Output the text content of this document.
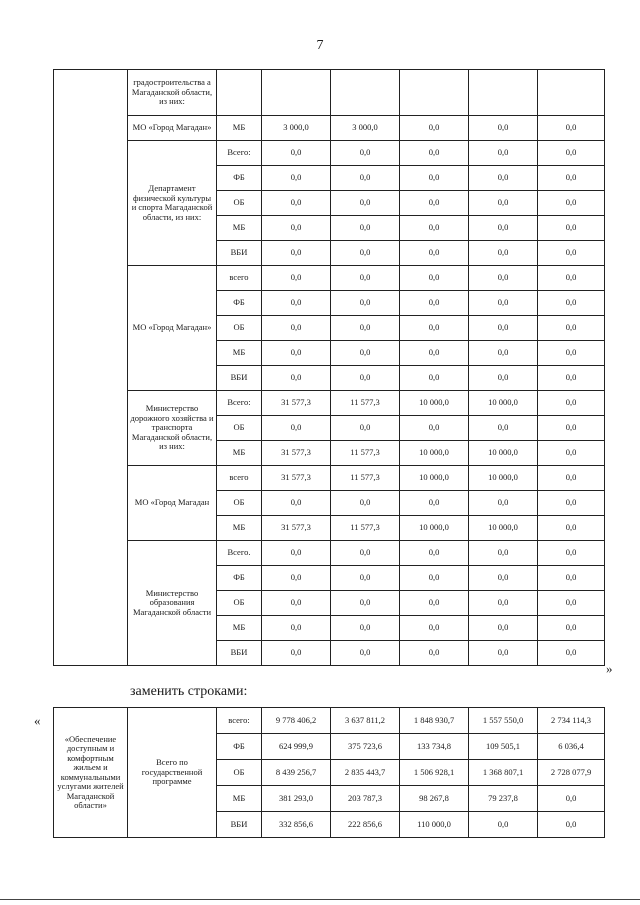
7
	градостроительства а Магаданской области, из них:						
	МО «Город Магадан»	МБ	3 000,0	3 000,0	0,0	0,0	0,0
	Департамент физической культуры и спорта Магаданской области, из них:	Всего:	0,0	0,0	0,0	0,0	0,0
		ФБ	0,0	0,0	0,0	0,0	0,0
		ОБ	0,0	0,0	0,0	0,0	0,0
		МБ	0,0	0,0	0,0	0,0	0,0
		ВБИ	0,0	0,0	0,0	0,0	0,0
	МО «Город Магадан»	всего	0,0	0,0	0,0	0,0	0,0
		ФБ	0,0	0,0	0,0	0,0	0,0
		ОБ	0,0	0,0	0,0	0,0	0,0
		МБ	0,0	0,0	0,0	0,0	0,0
		ВБИ	0,0	0,0	0,0	0,0	0,0
	Министерство дорожного хозяйства и транспорта Магаданской области, из них:	Всего:	31 577,3	11 577,3	10 000,0	10 000,0	0,0
		ОБ	0,0	0,0	0,0	0,0	0,0
		МБ	31 577,3	11 577,3	10 000,0	10 000,0	0,0
	МО «Город Магадан	всего	31 577,3	11 577,3	10 000,0	10 000,0	0,0
		ОБ	0,0	0,0	0,0	0,0	0,0
		МБ	31 577,3	11 577,3	10 000,0	10 000,0	0,0
	Министерство образования Магаданской области	Всего.	0,0	0,0	0,0	0,0	0,0
		ФБ	0,0	0,0	0,0	0,0	0,0
		ОБ	0,0	0,0	0,0	0,0	0,0
		МБ	0,0	0,0	0,0	0,0	0,0
		ВБИ	0,0	0,0	0,0	0,0	0,0
»
заменить строками:
«
«Обеспечение доступным и комфортным жильем и коммунальными услугами жителей Магаданской области»	Всего по государственной программе	всего:	9 778 406,2	3 637 811,2	1 848 930,7	1 557 550,0	2 734 114,3
		ФБ	624 999,9	375 723,6	133 734,8	109 505,1	6 036,4
		ОБ	8 439 256,7	2 835 443,7	1 506 928,1	1 368 807,1	2 728 077,9
		МБ	381 293,0	203 787,3	98 267,8	79 237,8	0,0
		ВБИ	332 856,6	222 856,6	110 000,0	0,0	0,0
